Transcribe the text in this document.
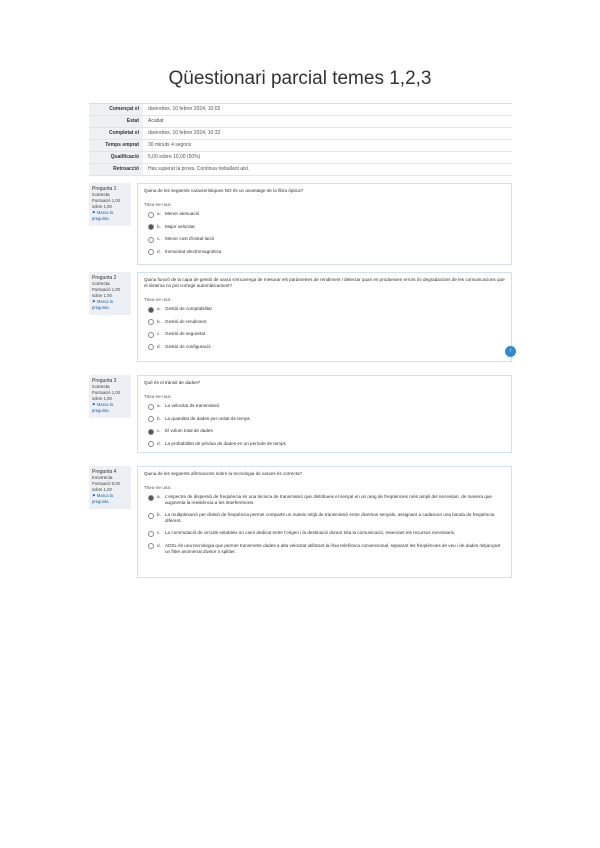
Qüestionari parcial temes 1,2,3
Començat el	divendres, 10 febrer 2024, 10:02
Estat	Acabat
Completat el	divendres, 10 febrer 2024, 10:32
Temps emprat	30 minuts 4 segons
Qualificació	5,00 sobre 10,00 (50%)
Retroacció	Has superat la prova. Continua treballant així.
Pregunta 1
Correcta
Puntuació 1,00 sobre 1,00
⚑ Marca la pregunta
Quina de les següents característiques NO és un avantatge de la fibra òptica?
Trieu-ne una:
a. Menor atenuació
b. Major velocitat
c. Menor cost d'instal·lació
d. Immunitat electromagnètica
Pregunta 2
Correcta
Puntuació 1,00 sobre 1,00
⚑ Marca la pregunta
Quina funció de la capa de gestió de xarxa s'encarrega de mesurar els paràmetres de rendiment i detectar quan es produeixen errors i/o degradacions de les comunicacions que el sistema no pot corregir automàticament?
Trieu-ne una:
a. Gestió de comptabilitat
b. Gestió de rendiment
c. Gestió de seguretat
d. Gestió de configuració
↑
Pregunta 3
Correcta
Puntuació 1,00 sobre 1,00
⚑ Marca la pregunta
Què és el trànsit de dades?
Trieu-ne una:
a. La velocitat de transmissió
b. La quantitat de dades per unitat de temps
c. El volum total de dades
d. La probabilitat de pèrdua de dades en un període de temps
Pregunta 4
Incorrecta
Puntuació 0,00 sobre 1,00
⚑ Marca la pregunta
Quina de les següents afirmacions sobre la tecnologia de xarxes és correcta?
Trieu-ne una:
a. L'espectre de dispersió de freqüència és una tècnica de transmissió que distribueix el senyal en un rang de freqüències més ampli del necessari, de manera que augmenta la resistència a les interferències.
b. La multiplexació per divisió de freqüència permet compartir un mateix mitjà de transmissió entre diversos senyals, assignant a cadascun una banda de freqüència diferent.
c. La commutació de circuits estableix un camí dedicat entre l'origen i la destinació durant tota la comunicació, reservant els recursos necessaris.
d. ADSL és una tecnologia que permet transmetre dades a alta velocitat utilitzant la línia telefònica convencional, separant les freqüències de veu i de dades mitjançant un filtre anomenat divisor o splitter.
